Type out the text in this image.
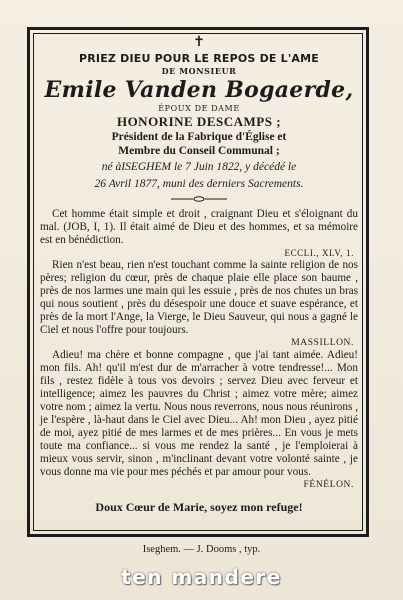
✝
PRIEZ DIEU POUR LE REPOS DE L'AME
DE MONSIEUR
Emile Vanden Bogaerde,
ÉPOUX DE DAME
HONORINE DESCAMPS ;
Président de la Fabrique d'Église et
Membre du Conseil Communal ;
né àISEGHEM le 7 Juin 1822, y décédé le
26 Avril 1877, muni des derniers Sacrements.

Cet homme était simple et droit , craignant Dieu et s'éloignant du mal. (JOB, I, 1). Il était aimé de Dieu et des hommes, et sa mémoire est en bénédiction.

ECCLI., XLV, 1.

Rien n'est beau, rien n'est touchant comme la sainte religion de nos pères; religion du cœur, près de chaque plaie elle place son baume , près de nos larmes une main qui les essuie , près de nos chutes un bras qui nous soutient , près du désespoir une douce et suave espérance, et près de la mort l'Ange, la Vierge, le Dieu Sauveur, qui nous a gagné le Ciel et nous l'offre pour toujours.

MASSILLON.

Adieu! ma chère et bonne compagne , que j'ai tant aimée. Adieu! mon fils. Ah! qu'il m'est dur de m'arracher à votre tendresse!... Mon fils , restez fidèle à tous vos devoirs ; servez Dieu avec ferveur et intelligence; aimez les pauvres du Christ ; aimez votre mère; aimez votre nom ; aimez la vertu. Nous nous reverrons, nous nous réunirons , je l'espère , là-haut dans le Ciel avec Dieu... Ah! mon Dieu , ayez pitié de moi, ayez pitié de mes larmes et de mes prières... En vous je mets toute ma confiance... si vous me rendez la santé , je l'emploierai à mieux vous servir, sinon , m'inclinant devant votre volonté sainte , je vous donne ma vie pour mes péchés et par amour pour vous.

FÉNÉLON.
Doux Cœur de Marie, soyez mon refuge!
Iseghem. — J. Dooms , typ.
ten mandere
